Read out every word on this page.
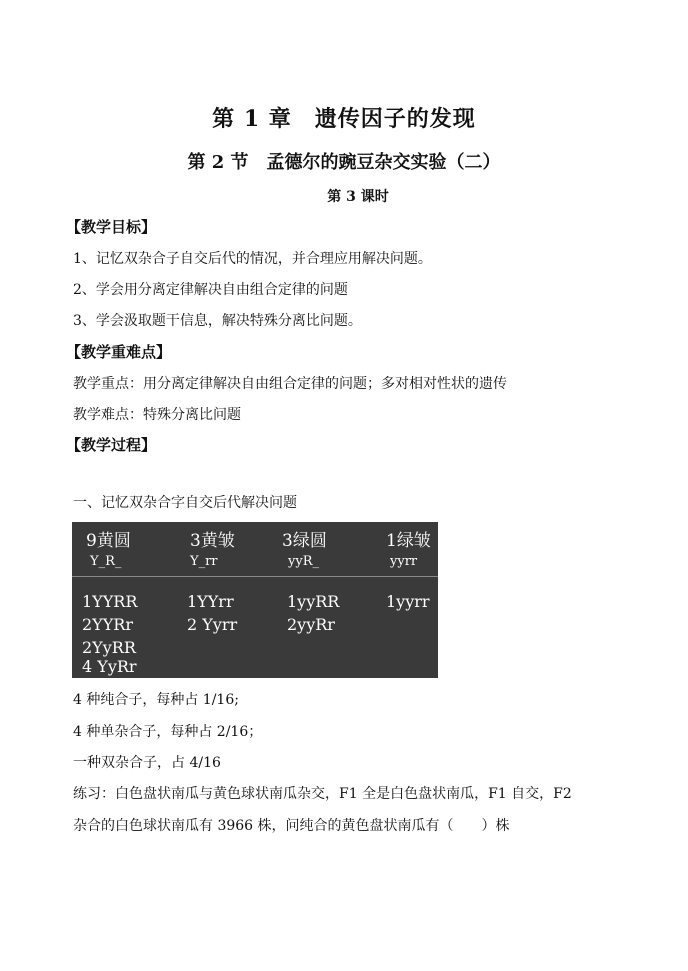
第 1 章　遗传因子的发现
第 2 节　孟德尔的豌豆杂交实验（二）
第 3 课时
【教学目标】
1、记忆双杂合子自交后代的情况，并合理应用解决问题。
2、学会用分离定律解决自由组合定律的问题
3、学会汲取题干信息，解决特殊分离比问题。
【教学重难点】
教学重点：用分离定律解决自由组合定律的问题；多对相对性状的遗传
教学难点：特殊分离比问题
【教学过程】
一、记忆双杂合字自交后代解决问题
9黄圆
Y_R_
3黄皱
Y_rr
3绿圆
yyR_
1绿皱
yyrr
1YYRR
2YYRr
2YyRR
4 YyRr
1YYrr
2 Yyrr
1yyRR
2yyRr
1yyrr
4 种纯合子，每种占 1/16;
4 种单杂合子，每种占 2/16；
一种双杂合子，占 4/16
练习：白色盘状南瓜与黄色球状南瓜杂交，F1 全是白色盘状南瓜，F1 自交，F2
杂合的白色球状南瓜有 3966 株，问纯合的黄色盘状南瓜有（　　）株
